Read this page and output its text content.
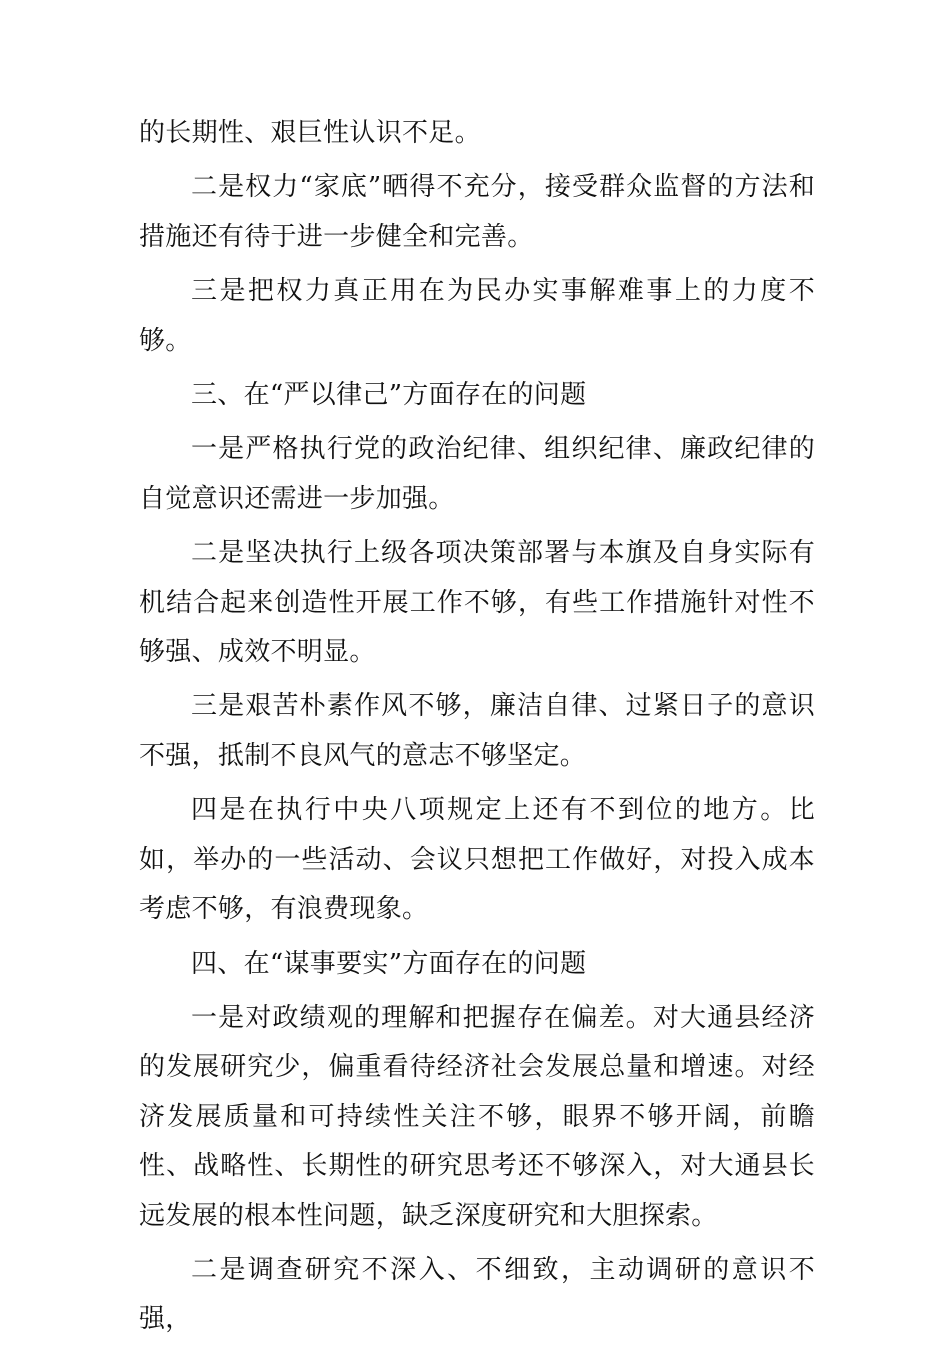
的长期性、艰巨性认识不足。

二是权力“家底”晒得不充分，接受群众监督的方法和措施还有待于进一步健全和完善。

三是把权力真正用在为民办实事解难事上的力度不够。

三、在“严以律己”方面存在的问题

一是严格执行党的政治纪律、组织纪律、廉政纪律的自觉意识还需进一步加强。

二是坚决执行上级各项决策部署与本旗及自身实际有机结合起来创造性开展工作不够，有些工作措施针对性不够强、成效不明显。

三是艰苦朴素作风不够，廉洁自律、过紧日子的意识不强，抵制不良风气的意志不够坚定。

四是在执行中央八项规定上还有不到位的地方。比如，举办的一些活动、会议只想把工作做好，对投入成本考虑不够，有浪费现象。

四、在“谋事要实”方面存在的问题

一是对政绩观的理解和把握存在偏差。对大通县经济的发展研究少，偏重看待经济社会发展总量和增速。对经济发展质量和可持续性关注不够，眼界不够开阔，前瞻性、战略性、长期性的研究思考还不够深入，对大通县长远发展的根本性问题，缺乏深度研究和大胆探索。

二是调查研究不深入、不细致，主动调研的意识不强，
